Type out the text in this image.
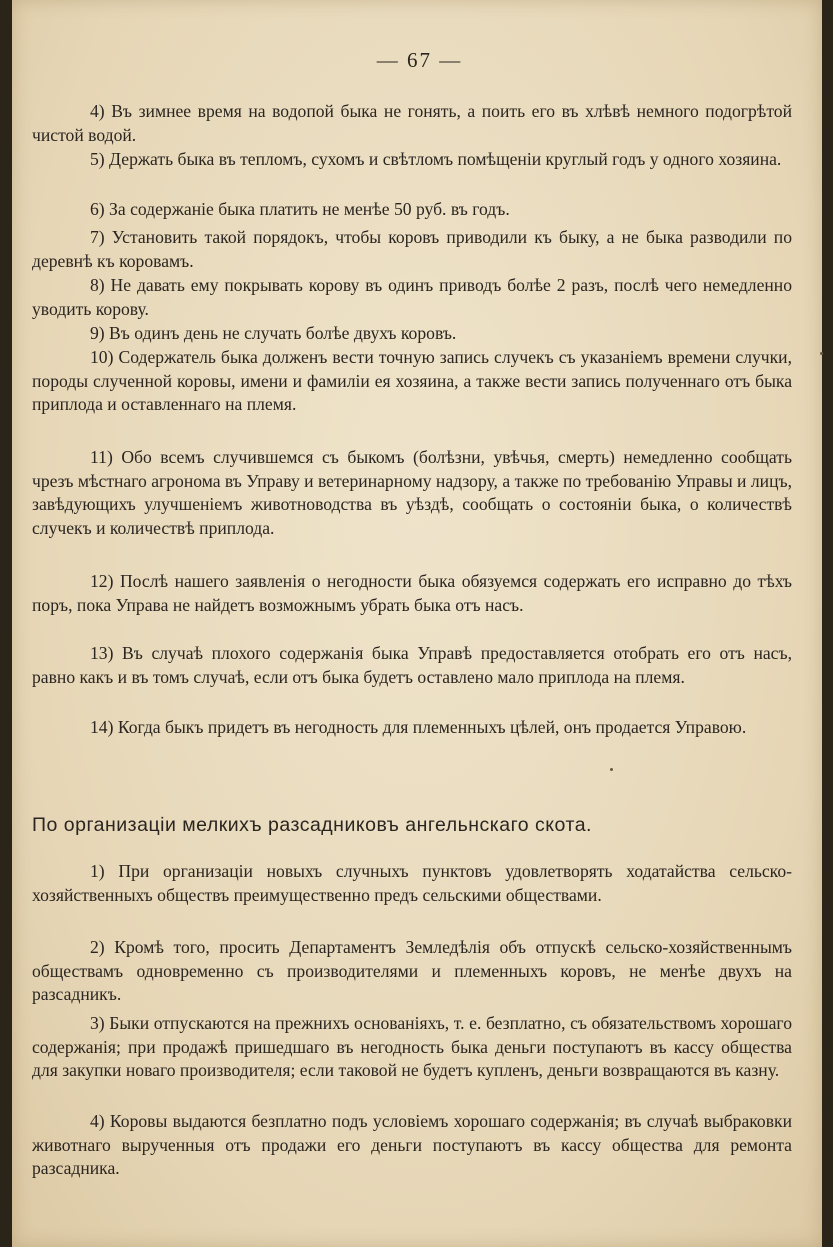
— 67 —

4) Въ зимнее время на водопой быка не гонять, а поить его въ хлѣвѣ немного подогрѣтой чистой водой.

5) Держать быка въ тепломъ, сухомъ и свѣтломъ помѣщеніи круглый годъ у одного хозяина.

6) За содержаніе быка платить не менѣе 50 руб. въ годъ.

7) Установить такой порядокъ, чтобы коровъ приводили къ быку, а не быка разводили по деревнѣ къ коровамъ.

8) Не давать ему покрывать корову въ одинъ приводъ болѣе 2 разъ, послѣ чего немедленно уводить корову.

9) Въ одинъ день не случать болѣе двухъ коровъ.

10) Содержатель быка долженъ вести точную запись случекъ съ указаніемъ времени случки, породы слученной коровы, имени и фамиліи ея хозяина, а также вести запись полученнаго отъ быка приплода и оставленнаго на племя.

11) Обо всемъ случившемся съ быкомъ (болѣзни, увѣчья, смерть) немедленно сообщать чрезъ мѣстнаго агронома въ Управу и ветеринарному надзору, а также по требованію Управы и лицъ, завѣдующихъ улучшеніемъ животноводства въ уѣздѣ, сообщать о состояніи быка, о количествѣ случекъ и количествѣ приплода.

12) Послѣ нашего заявленія о негодности быка обязуемся содержать его исправно до тѣхъ поръ, пока Управа не найдетъ возможнымъ убрать быка отъ насъ.

13) Въ случаѣ плохого содержанія быка Управѣ предоставляется отобрать его отъ насъ, равно какъ и въ томъ случаѣ, если отъ быка будетъ оставлено мало приплода на племя.

14) Когда быкъ придетъ въ негодность для племенныхъ цѣлей, онъ продается Управою.

По организаціи мелкихъ разсадниковъ ангельнскаго скота.

1) При организаціи новыхъ случныхъ пунктовъ удовлетворять ходатайства сельско-хозяйственныхъ обществъ преимущественно предъ сельскими обществами.

2) Кромѣ того, просить Департаментъ Земледѣлія объ отпускѣ сельско-хозяйственнымъ обществамъ одновременно съ производителями и племенныхъ коровъ, не менѣе двухъ на разсадникъ.

3) Быки отпускаются на прежнихъ основаніяхъ, т. е. безплатно, съ обязательствомъ хорошаго содержанія; при продажѣ пришедшаго въ негодность быка деньги поступаютъ въ кассу общества для закупки новаго производителя; если таковой не будетъ купленъ, деньги возвращаются въ казну.

4) Коровы выдаются безплатно подъ условіемъ хорошаго содержанія; въ случаѣ выбраковки животнаго вырученныя отъ продажи его деньги поступаютъ въ кассу общества для ремонта разсадника.
